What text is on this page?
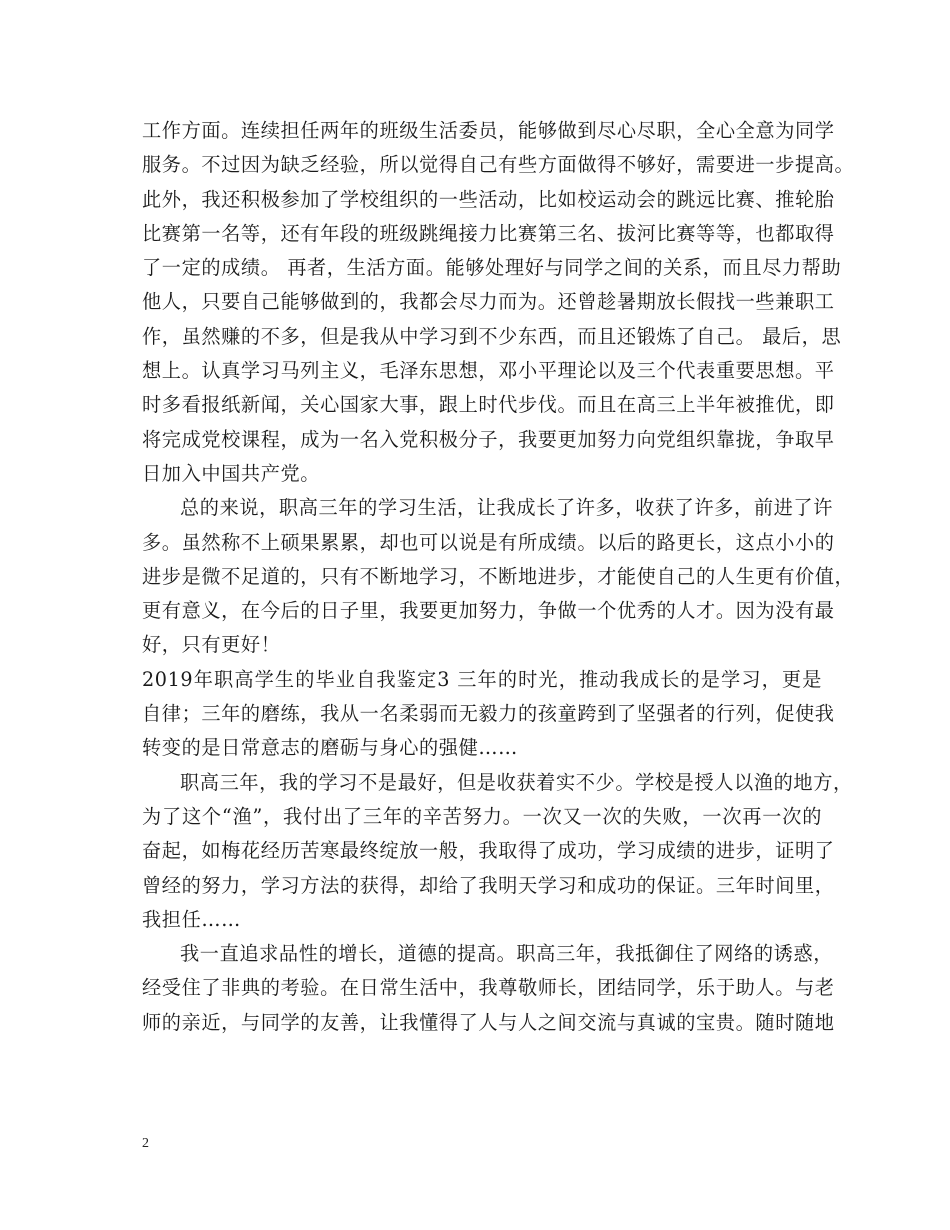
工作方面。连续担任两年的班级生活委员，能够做到尽心尽职，全心全意为同学
服务。不过因为缺乏经验，所以觉得自己有些方面做得不够好，需要进一步提高。
此外，我还积极参加了学校组织的一些活动，比如校运动会的跳远比赛、推轮胎
比赛第一名等，还有年段的班级跳绳接力比赛第三名、拔河比赛等等，也都取得
了一定的成绩。 再者，生活方面。能够处理好与同学之间的关系，而且尽力帮助
他人，只要自己能够做到的，我都会尽力而为。还曾趁暑期放长假找一些兼职工
作，虽然赚的不多，但是我从中学习到不少东西，而且还锻炼了自己。 最后，思
想上。认真学习马列主义，毛泽东思想，邓小平理论以及三个代表重要思想。平
时多看报纸新闻，关心国家大事，跟上时代步伐。而且在高三上半年被推优，即
将完成党校课程，成为一名入党积极分子，我要更加努力向党组织靠拢，争取早
日加入中国共产党。
总的来说，职高三年的学习生活，让我成长了许多，收获了许多，前进了许
多。虽然称不上硕果累累，却也可以说是有所成绩。以后的路更长，这点小小的
进步是微不足道的，只有不断地学习，不断地进步，才能使自己的人生更有价值，
更有意义，在今后的日子里，我要更加努力，争做一个优秀的人才。因为没有最
好，只有更好！
2019年职高学生的毕业自我鉴定3 三年的时光，推动我成长的是学习，更是
自律；三年的磨练，我从一名柔弱而无毅力的孩童跨到了坚强者的行列，促使我
转变的是日常意志的磨砺与身心的强健……
职高三年，我的学习不是最好，但是收获着实不少。学校是授人以渔的地方，
为了这个“渔”，我付出了三年的辛苦努力。一次又一次的失败，一次再一次的
奋起，如梅花经历苦寒最终绽放一般，我取得了成功，学习成绩的进步，证明了
曾经的努力，学习方法的获得，却给了我明天学习和成功的保证。三年时间里，
我担任……
我一直追求品性的增长，道德的提高。职高三年，我抵御住了网络的诱惑，
经受住了非典的考验。在日常生活中，我尊敬师长，团结同学，乐于助人。与老
师的亲近，与同学的友善，让我懂得了人与人之间交流与真诚的宝贵。随时随地
2
